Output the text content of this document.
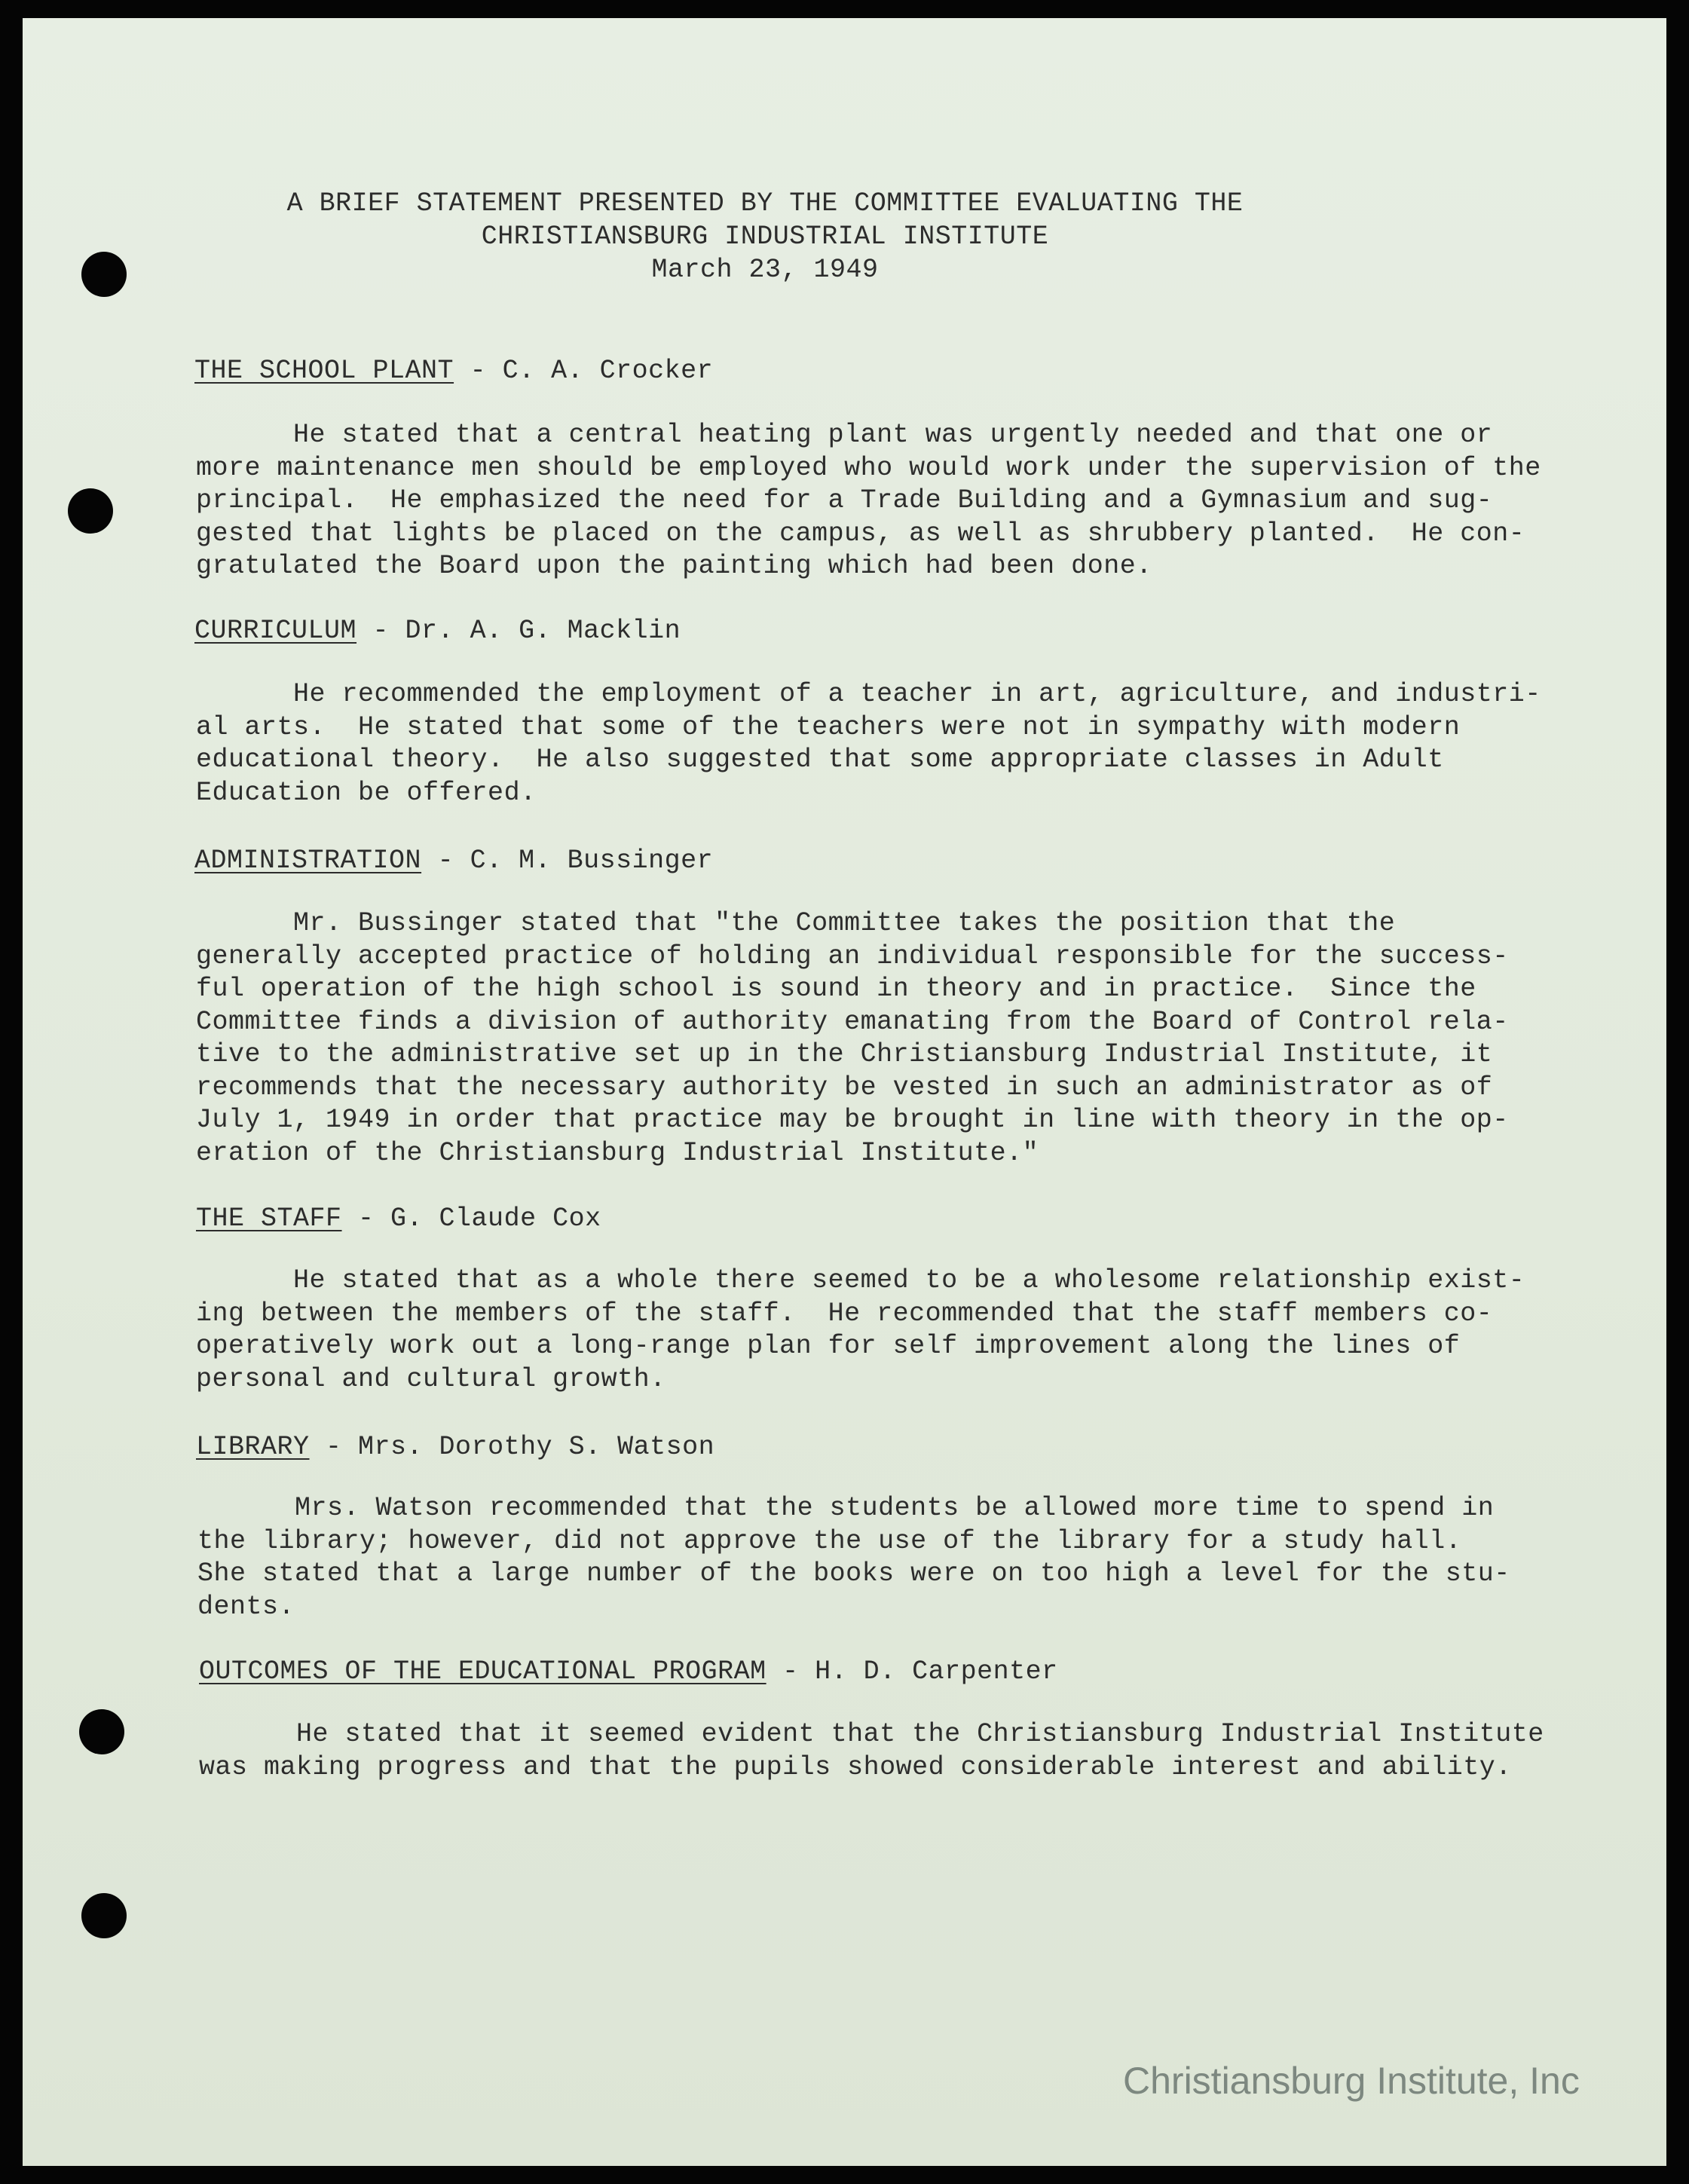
A BRIEF STATEMENT PRESENTED BY THE COMMITTEE EVALUATING THE
CHRISTIANSBURG INDUSTRIAL INSTITUTE
March 23, 1949
THE SCHOOL PLANT - C. A. Crocker
He stated that a central heating plant was urgently needed and that one or
more maintenance men should be employed who would work under the supervision of the
principal.  He emphasized the need for a Trade Building and a Gymnasium and sug-
gested that lights be placed on the campus, as well as shrubbery planted.  He con-
gratulated the Board upon the painting which had been done.
CURRICULUM - Dr. A. G. Macklin
He recommended the employment of a teacher in art, agriculture, and industri-
al arts.  He stated that some of the teachers were not in sympathy with modern
educational theory.  He also suggested that some appropriate classes in Adult
Education be offered.
ADMINISTRATION - C. M. Bussinger
Mr. Bussinger stated that "the Committee takes the position that the
generally accepted practice of holding an individual responsible for the success-
ful operation of the high school is sound in theory and in practice.  Since the
Committee finds a division of authority emanating from the Board of Control rela-
tive to the administrative set up in the Christiansburg Industrial Institute, it
recommends that the necessary authority be vested in such an administrator as of
July 1, 1949 in order that practice may be brought in line with theory in the op-
eration of the Christiansburg Industrial Institute."
THE STAFF - G. Claude Cox
He stated that as a whole there seemed to be a wholesome relationship exist-
ing between the members of the staff.  He recommended that the staff members co-
operatively work out a long-range plan for self improvement along the lines of
personal and cultural growth.
LIBRARY - Mrs. Dorothy S. Watson
Mrs. Watson recommended that the students be allowed more time to spend in
the library; however, did not approve the use of the library for a study hall.
She stated that a large number of the books were on too high a level for the stu-
dents.
OUTCOMES OF THE EDUCATIONAL PROGRAM - H. D. Carpenter
He stated that it seemed evident that the Christiansburg Industrial Institute
was making progress and that the pupils showed considerable interest and ability.
Christiansburg Institute, Inc
